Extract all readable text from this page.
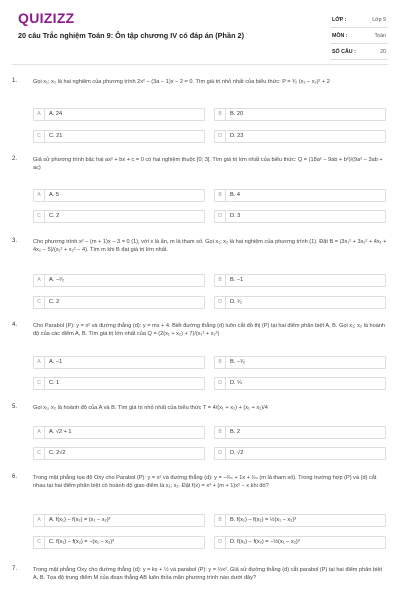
QUIZIZZ
20 câu Trắc nghiệm Toán 9: Ôn tập chương IV có đáp án (Phần 2)
LỚP :	Lớp 9
MÔN :	Toán
SỐ CÂU :	20
1.	Gọi x₁; x₂ là hai nghiệm của phương trình 2x² − (3a − 1)x − 2 = 0. Tìm giá trị nhỏ nhất của biểu thức: P = ³⁄₂ (x₁ − x₂)² + 2
A	A. 24	B	B. 20
C	C. 21	D	D. 23
2.	Giả sử phương trình bậc hai ax² + bx + c = 0 có hai nghiệm thuộc [0; 3]. Tìm giá trị lớn nhất của biểu thức: Q = (18a² − 9ab + b²)/(9a² − 3ab + ac)
A	A. 5	B	B. 4
C	C. 2	D	D. 3
3.	Cho phương trình x² − (m + 1)x − 3 = 0 (1), với x là ẩn, m là tham số. Gọi x₁; x₂ là hai nghiệm của phương trình (1). Đặt B = (3x₁² + 3x₂² + 4x₁ + 4x₂ − 5)/(x₁² + x₂² − 4). Tìm m khi B đạt giá trị lớn nhất.
A	A. −¹⁄₂	B	B. −1
C	C. 2	D	D. ¹⁄₂
4.	Cho Parabol (P): y = x² và đường thẳng (d): y = mx + 4. Biết đường thẳng (d) luôn cắt đồ thị (P) tại hai điểm phân biệt A, B. Gọi x₁; x₂ là hoành độ của các điểm A, B. Tìm giá trị lớn nhất của Q = (2(x₁ + x₂) + 7)/(x₁² + x₂²)
A	A. −1	B	B. −¹⁄₂
C	C. 1	D	D. ¼
5.	Gọi x₁, x₂ là hoành độ của A và B. Tìm giá trị nhỏ nhất của biểu thức T = 4/(x₁ + x₂) + (x₁ + x₂)/4
A	A. √2 + 1	B	B. 2
C	C. 2√2	D	D. √2
6.	Trong mặt phẳng tọa độ Oxy cho Parabol (P): y = x² và đường thẳng (d): y = −²⁄ₘ + 1x + ¹⁄ₘ (m là tham số). Trong trường hợp (P) và (d) cắt nhau tại hai điểm phân biệt có hoành độ giao điểm là x₁; x₂. Đặt f(x) = x³ + (m + 1)x² − x khi đó?
A	A. f(x₁) − f(x₂) = (x₁ − x₂)³	B	B. f(x₁) − f(x₂) = ½(x₁ − x₂)³
C	C. f(x₁) − f(x₂) = −(x₁ − x₂)³	D	D. f(x₁) − f(x₂) = −½(x₁ − x₂)³
7.	Trong mặt phẳng Oxy cho đường thẳng (d): y = kx + ½ và parabol (P): y = ½x². Giả sử đường thẳng (d) cắt parabol (P) tại hai điểm phân biệt A, B. Tọa độ trung điểm M của đoạn thẳng AB luôn thỏa mãn phương trình nào dưới đây?
